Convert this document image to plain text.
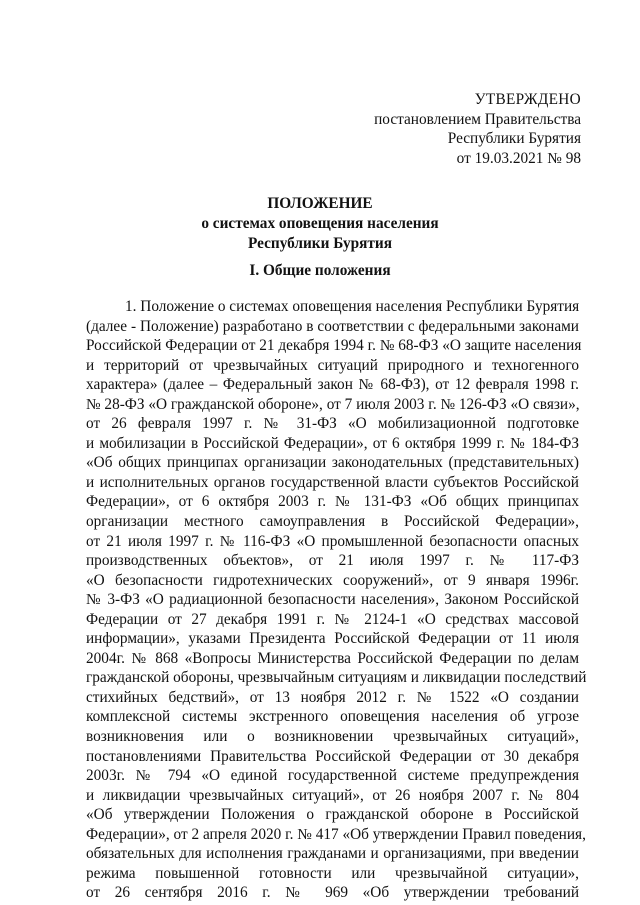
УТВЕРЖДЕНО
постановлением Правительства
Республики Бурятия
от 19.03.2021 № 98
ПОЛОЖЕНИЕ
о системах оповещения населения
Республики Бурятия
I. Общие положения
1. Положение о системах оповещения населения Республики Бурятия
(далее - Положение) разработано в соответствии с федеральными законами
Российской Федерации от 21 декабря 1994 г. № 68-ФЗ «О защите населения
и территорий от чрезвычайных ситуаций природного и техногенного
характера» (далее – Федеральный закон № 68-ФЗ), от 12 февраля 1998 г.
№ 28-ФЗ «О гражданской обороне», от 7 июля 2003 г. № 126-ФЗ «О связи»,
от 26 февраля 1997 г. № 31-ФЗ «О мобилизационной подготовке
и мобилизации в Российской Федерации», от 6 октября 1999 г. № 184-ФЗ
«Об общих принципах организации законодательных (представительных)
и исполнительных органов государственной власти субъектов Российской
Федерации», от 6 октября 2003 г. № 131-ФЗ «Об общих принципах
организации местного самоуправления в Российской Федерации»,
от 21 июля 1997 г. № 116-ФЗ «О промышленной безопасности опасных
производственных объектов», от 21 июля 1997 г. № 117-ФЗ
«О безопасности гидротехнических сооружений», от 9 января 1996г.
№ 3-ФЗ «О радиационной безопасности населения», Законом Российской
Федерации от 27 декабря 1991 г. № 2124-1 «О средствах массовой
информации», указами Президента Российской Федерации от 11 июля
2004г. № 868 «Вопросы Министерства Российской Федерации по делам
гражданской обороны, чрезвычайным ситуациям и ликвидации последствий
стихийных бедствий», от 13 ноября 2012 г. № 1522 «О создании
комплексной системы экстренного оповещения населения об угрозе
возникновения или о возникновении чрезвычайных ситуаций»,
постановлениями Правительства Российской Федерации от 30 декабря
2003г. № 794 «О единой государственной системе предупреждения
и ликвидации чрезвычайных ситуаций», от 26 ноября 2007 г. № 804
«Об утверждении Положения о гражданской обороне в Российской
Федерации», от 2 апреля 2020 г. № 417 «Об утверждении Правил поведения,
обязательных для исполнения гражданами и организациями, при введении
режима повышенной готовности или чрезвычайной ситуации»,
от 26 сентября 2016 г. № 969 «Об утверждении требований
